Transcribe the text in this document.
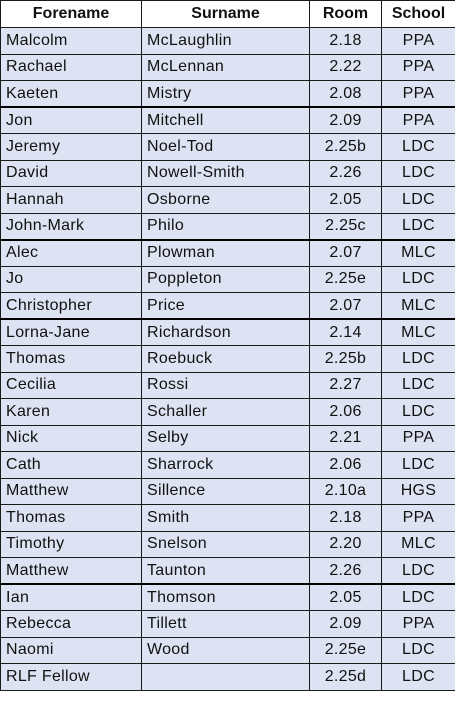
Forename	Surname	Room	School
Malcolm	McLaughlin	2.18	PPA
Rachael	McLennan	2.22	PPA
Kaeten	Mistry	2.08	PPA
Jon	Mitchell	2.09	PPA
Jeremy	Noel-Tod	2.25b	LDC
David	Nowell-Smith	2.26	LDC
Hannah	Osborne	2.05	LDC
John-Mark	Philo	2.25c	LDC
Alec	Plowman	2.07	MLC
Jo	Poppleton	2.25e	LDC
Christopher	Price	2.07	MLC
Lorna-Jane	Richardson	2.14	MLC
Thomas	Roebuck	2.25b	LDC
Cecilia	Rossi	2.27	LDC
Karen	Schaller	2.06	LDC
Nick	Selby	2.21	PPA
Cath	Sharrock	2.06	LDC
Matthew	Sillence	2.10a	HGS
Thomas	Smith	2.18	PPA
Timothy	Snelson	2.20	MLC
Matthew	Taunton	2.26	LDC
Ian	Thomson	2.05	LDC
Rebecca	Tillett	2.09	PPA
Naomi	Wood	2.25e	LDC
RLF Fellow		2.25d	LDC
